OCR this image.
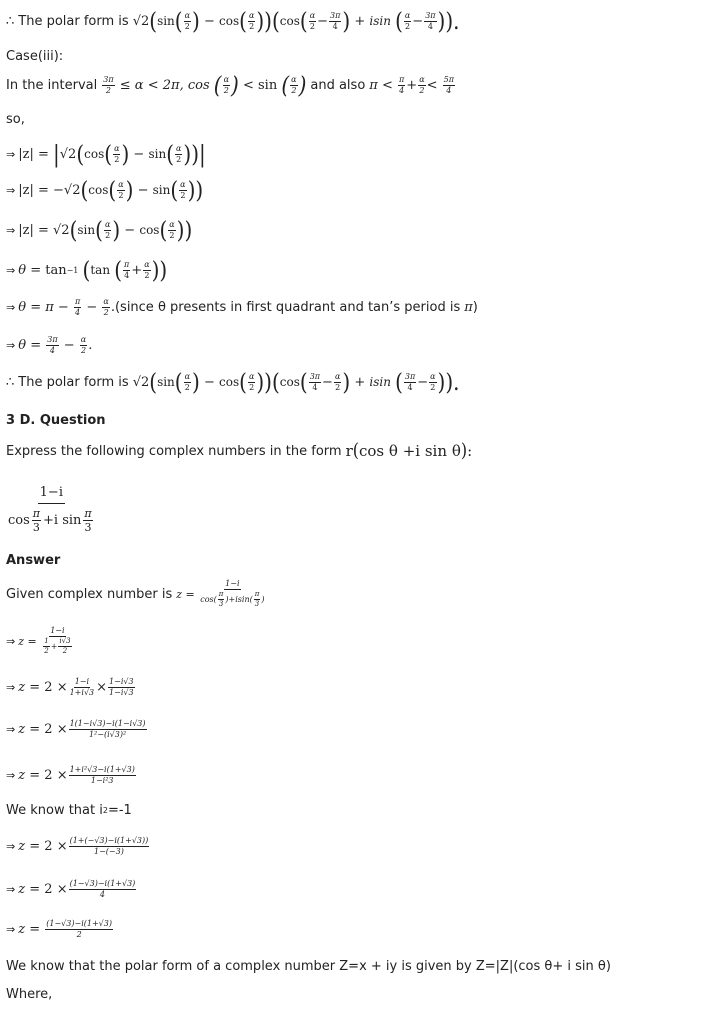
∴ The polar form is √2 ( sin ( $\frac{\alpha}{2}$ )
−
cos ( $\frac{\alpha}{2}$ )) ( cos ( $\frac{\alpha}{2} - \frac{3\pi}{4}$ )
+
isin
( $\frac{\alpha}{2} - \frac{3\pi}{4}$ ) ).
Case(iii):
In the interval $\frac{3\pi}{2}$
≤
α
<
2π,
cos
( $\frac{\alpha}{2}$ )
<
sin
( $\frac{\alpha}{2}$ ) and also π
<
$\frac{\pi}{4} + \frac{\alpha}{2}$ <
$\frac{5\pi}{4}$
so,
⇒ |z|
=
| √2 ( cos ( $\frac{\alpha}{2}$ )
−
sin ( $\frac{\alpha}{2}$ ))|
⇒ |z|
=
− √2 ( cos ( $\frac{\alpha}{2}$ )
−
sin ( $\frac{\alpha}{2}$ ))
⇒ |z|
=
√2 ( sin ( $\frac{\alpha}{2}$ )
−
cos ( $\frac{\alpha}{2}$ ))
⇒ θ
=
tan −1
( tan
( $\frac{\pi}{4} + \frac{\alpha}{2}$ ))
⇒ θ
=
π
−
$\frac{\pi}{4}$
−
$\frac{\alpha}{2}$ . (since θ presents in first quadrant and tan’s period is π )
⇒ θ
=
$\frac{3\pi}{4}$
−
$\frac{\alpha}{2}$ .
∴ The polar form is √2 ( sin ( $\frac{\alpha}{2}$ )
−
cos ( $\frac{\alpha}{2}$ )) ( cos ( $\frac{3\pi}{4} - \frac{\alpha}{2}$ )
+
isin
( $\frac{3\pi}{4} - \frac{\alpha}{2}$ ) ).
3 D. Question
Express the following complex numbers in the form r ( cos
θ
+ i sin
θ ) :
$\frac{1-i}{\cos \frac{\pi}{3} + i \sin \frac{\pi}{3}}$
Answer
Given complex number is z
=
$\frac{1-i}{\cos( \frac{\pi}{3} )+isin( \frac{\pi}{3} )}$
⇒ z
=
$\frac{1-i}{\frac{1}{2} + \frac{i√3}{2}}$
⇒ z
=
2
× $\frac{1-i}{1+i√3} \times \frac{1-i√3}{1-i√3}$
⇒ z
=
2
× $\frac{1(1-i√3)-i(1-i√3)}{\text{1²−(i√3)²}}$
⇒ z
=
2
× $\frac{\text{1+i²√3−i(1+√3)}}{\text{1−i²3}}$
We know that i 2 =-1
⇒ z
=
2
× $\frac{(1+(-√3)-i(1+√3))}{1-(-3)}$
⇒ z
=
2
× $\frac{(1-√3)-i(1+√3)}{4}$
⇒ z
=
$\frac{(1-√3)-i(1+√3)}{2}$
We know that the polar form of a complex number Z=x + iy is given by Z=|Z|(cos θ+ i sin θ)
Where,
